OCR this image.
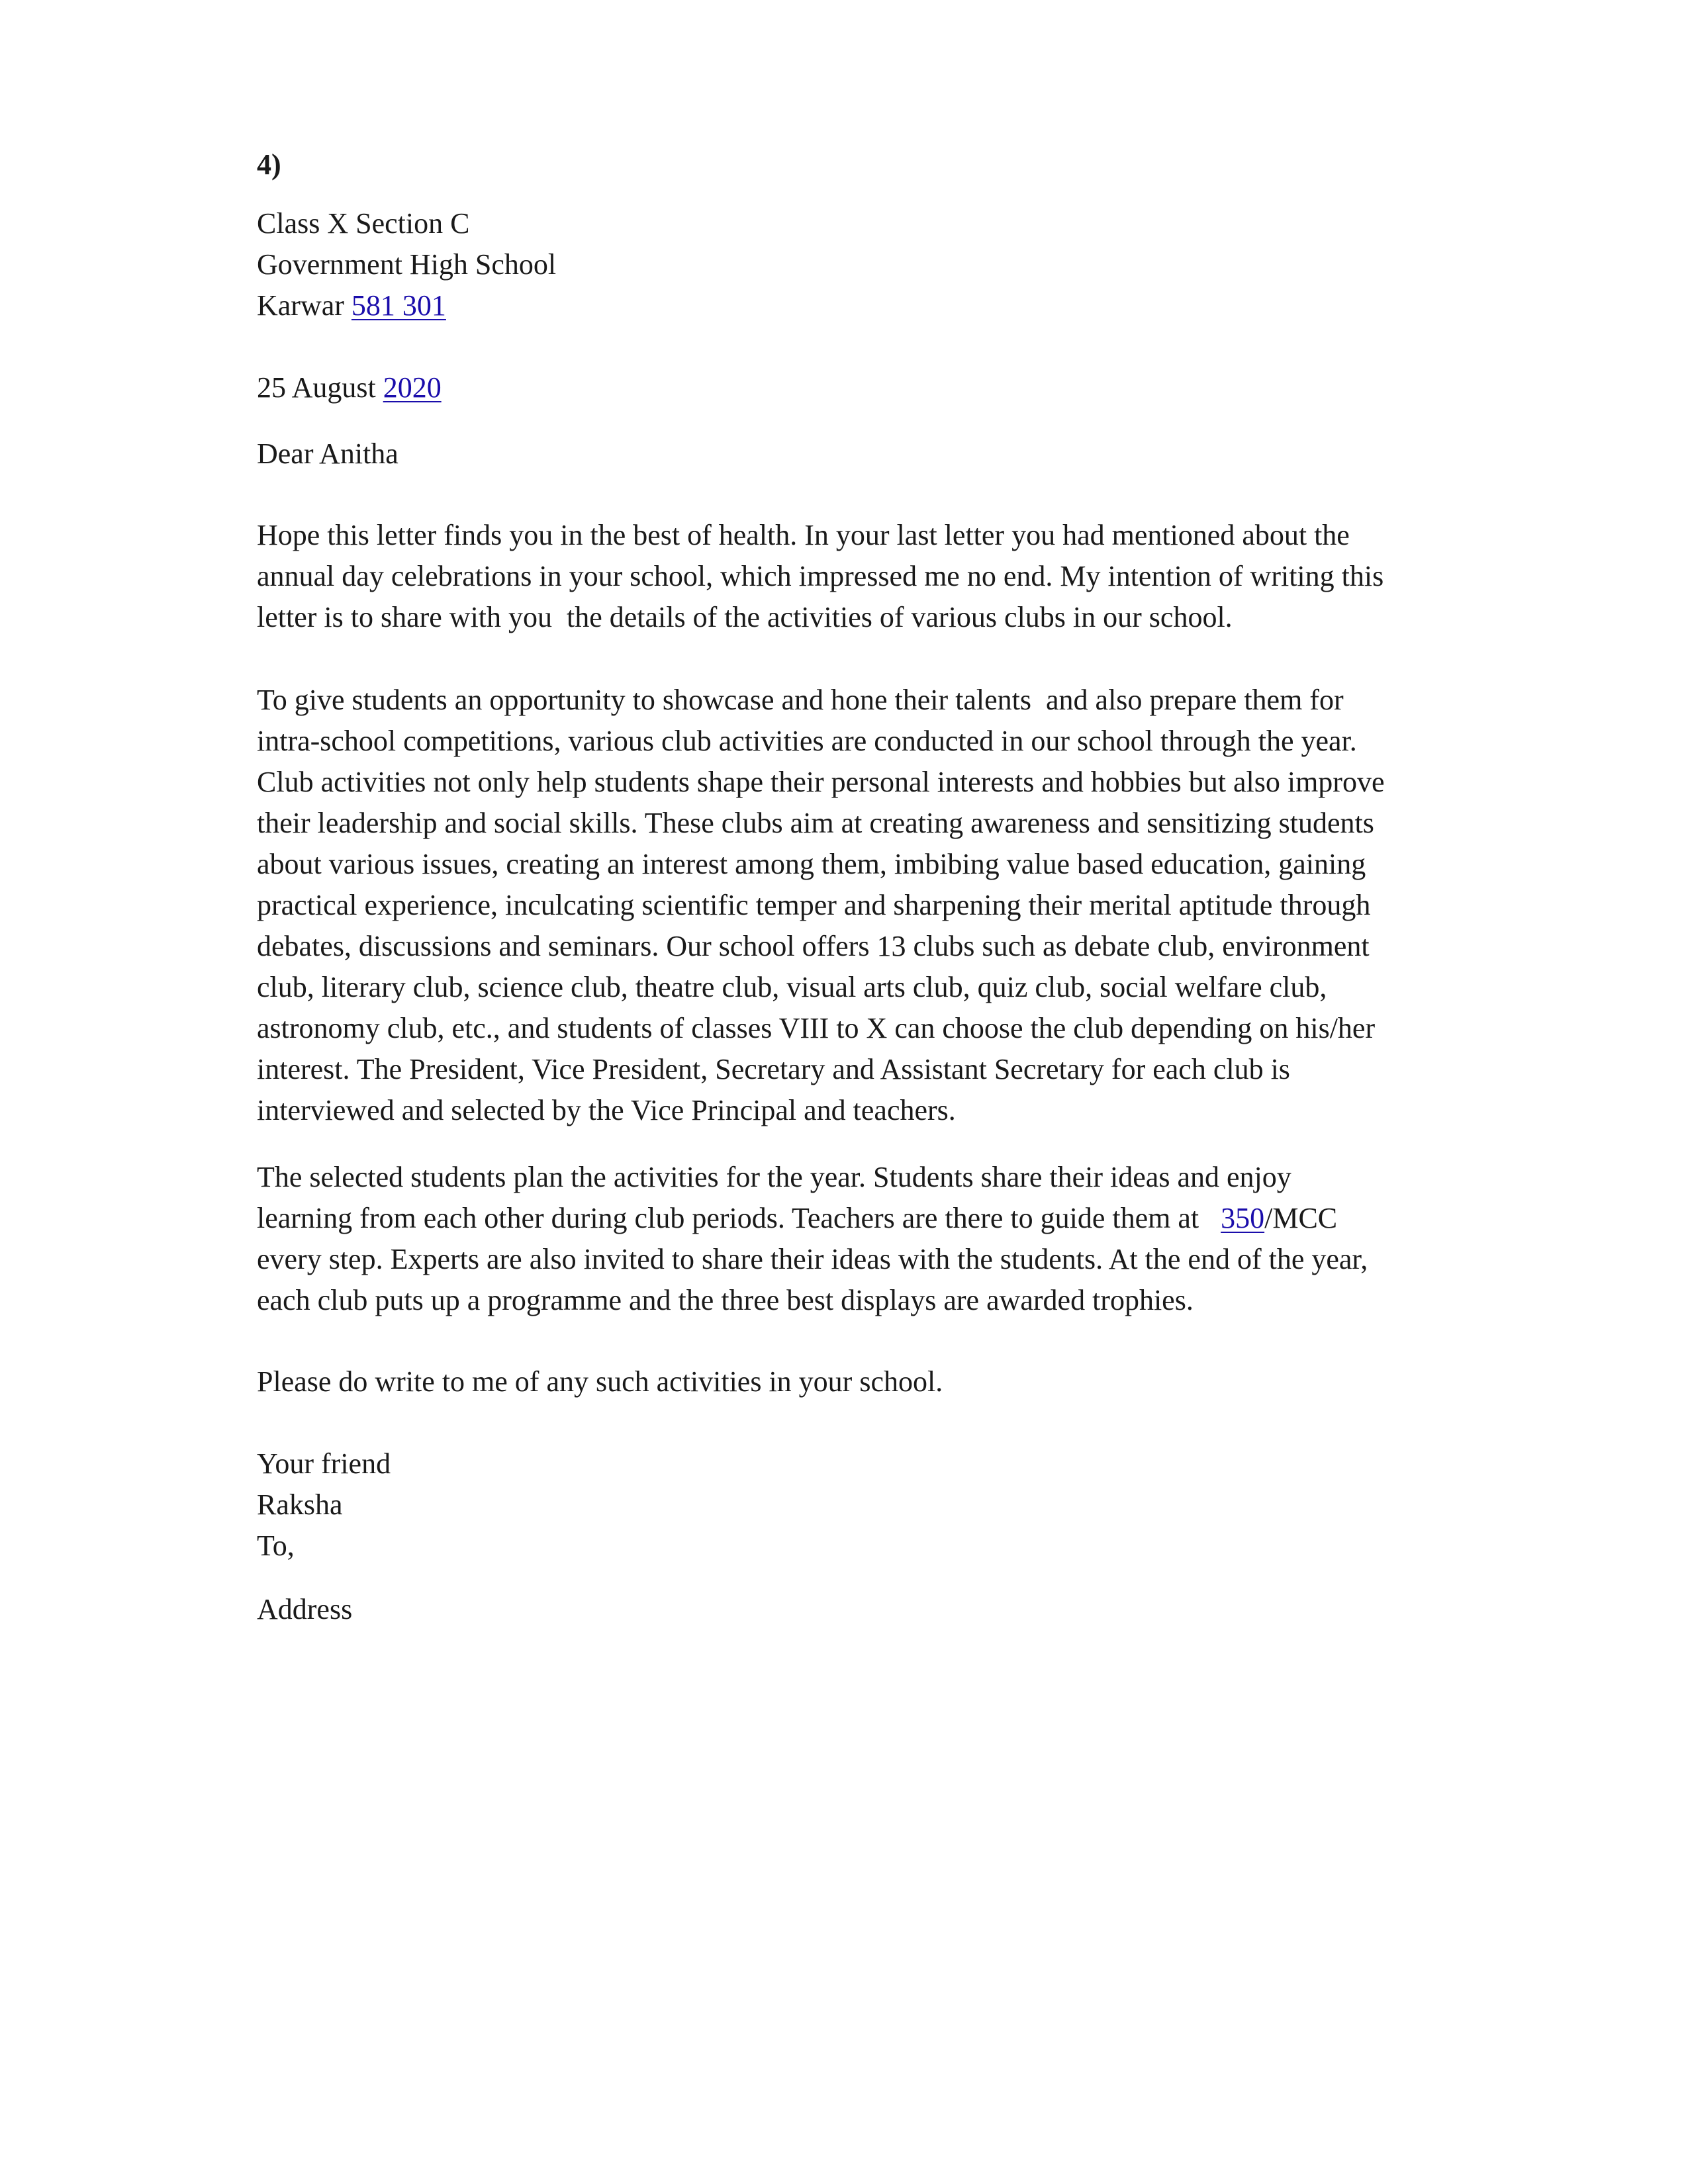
4)
Class X Section C
Government High School
Karwar 581 301
25 August 2020
Dear Anitha
Hope this letter finds you in the best of health. In your last letter you had mentioned about the
annual day celebrations in your school, which impressed me no end. My intention of writing this
letter is to share with you  the details of the activities of various clubs in our school.
To give students an opportunity to showcase and hone their talents  and also prepare them for
intra-school competitions, various club activities are conducted in our school through the year.
Club activities not only help students shape their personal interests and hobbies but also improve
their leadership and social skills. These clubs aim at creating awareness and sensitizing students
about various issues, creating an interest among them, imbibing value based education, gaining
practical experience, inculcating scientific temper and sharpening their merital aptitude through
debates, discussions and seminars. Our school offers 13 clubs such as debate club, environment
club, literary club, science club, theatre club, visual arts club, quiz club, social welfare club,
astronomy club, etc., and students of classes VIII to X can choose the club depending on his/her
interest. The President, Vice President, Secretary and Assistant Secretary for each club is
interviewed and selected by the Vice Principal and teachers.
The selected students plan the activities for the year. Students share their ideas and enjoy
learning from each other during club periods. Teachers are there to guide them at   350/MCC
every step. Experts are also invited to share their ideas with the students. At the end of the year,
each club puts up a programme and the three best displays are awarded trophies.
Please do write to me of any such activities in your school.
Your friend
Raksha
To,
Address
